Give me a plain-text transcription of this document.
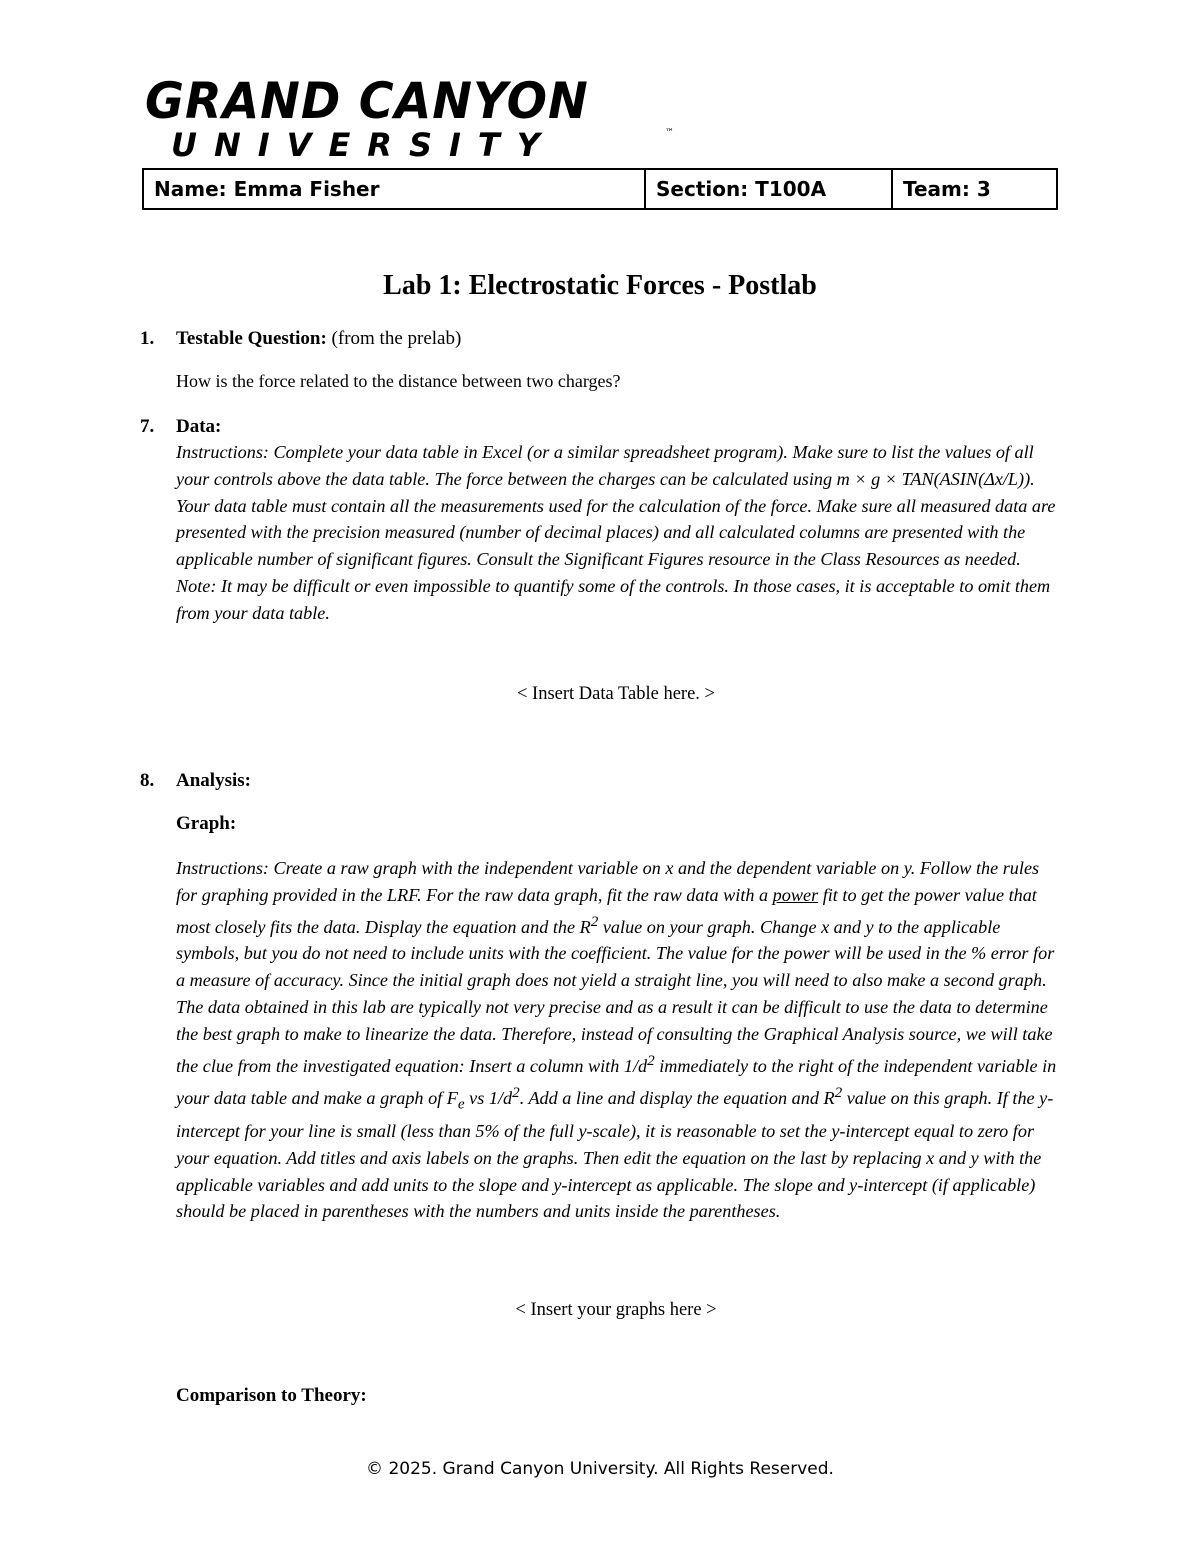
GRAND CANYON
UNIVERSITY	™
Name: Emma Fisher	Section: T100A	Team: 3
Lab 1: Electrostatic Forces - Postlab
1. Testable Question: (from the prelab)
How is the force related to the distance between two charges?
7. Data:
Instructions: Complete your data table in Excel (or a similar spreadsheet program). Make sure to list the values of all your controls above the data table. The force between the charges can be calculated using m × g × TAN(ASIN(Δx/L)). Your data table must contain all the measurements used for the calculation of the force. Make sure all measured data are presented with the precision measured (number of decimal places) and all calculated columns are presented with the applicable number of significant figures. Consult the Significant Figures resource in the Class Resources as needed. Note: It may be difficult or even impossible to quantify some of the controls. In those cases, it is acceptable to omit them from your data table.
< Insert Data Table here. >
8. Analysis:
Graph:
Instructions: Create a raw graph with the independent variable on x and the dependent variable on y. Follow the rules for graphing provided in the LRF. For the raw data graph, fit the raw data with a power fit to get the power value that most closely fits the data. Display the equation and the $R^2$ value on your graph. Change x and y to the applicable symbols, but you do not need to include units with the coefficient. The value for the power will be used in the % error for a measure of accuracy. Since the initial graph does not yield a straight line, you will need to also make a second graph. The data obtained in this lab are typically not very precise and as a result it can be difficult to use the data to determine the best graph to make to linearize the data. Therefore, instead of consulting the Graphical Analysis source, we will take the clue from the investigated equation: Insert a column with $1/d^2$ immediately to the right of the independent variable in your data table and make a graph of $F_e$ vs $1/d^2$. Add a line and display the equation and $R^2$ value on this graph. If the y-intercept for your line is small (less than 5% of the full y-scale), it is reasonable to set the y-intercept equal to zero for your equation. Add titles and axis labels on the graphs. Then edit the equation on the last by replacing x and y with the applicable variables and add units to the slope and y-intercept as applicable. The slope and y-intercept (if applicable) should be placed in parentheses with the numbers and units inside the parentheses.
< Insert your graphs here >
Comparison to Theory:
© 2025. Grand Canyon University. All Rights Reserved.
